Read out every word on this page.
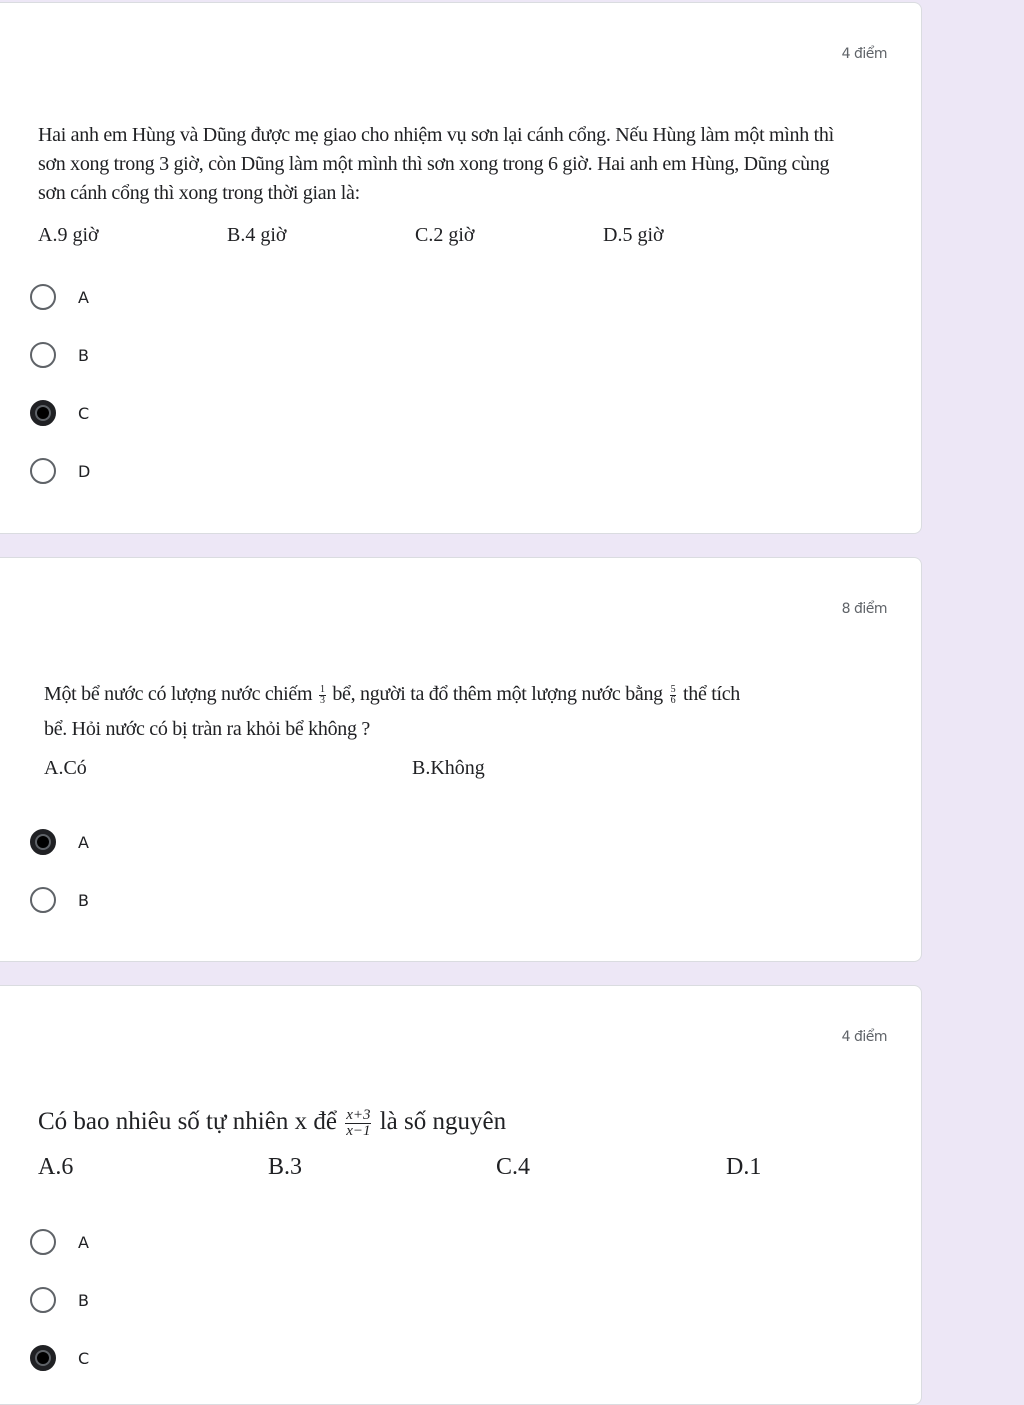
4 điểm

Hai anh em Hùng và Dũng được mẹ giao cho nhiệm vụ sơn lại cánh cổng. Nếu Hùng làm một mình thì sơn xong trong 3 giờ, còn Dũng làm một mình thì sơn xong trong 6 giờ. Hai anh em Hùng, Dũng cùng sơn cánh cổng thì xong trong thời gian là:

A.9 giờ	B.4 giờ	C.2 giờ	D.5 giờ
A
B
C
D
8 điểm
Một bể nước có lượng nước chiếm $\frac{1}{3}$ bể, người ta đổ thêm một lượng nước bằng $\frac{5}{6}$ thể tích
bể. Hỏi nước có bị tràn ra khỏi bể không ?
A.Có	B.Không
A
B
4 điểm
Có bao nhiêu số tự nhiên x để $\frac{x+3}{x-1}$ là số nguyên
A.6	B.3	C.4	D.1
A
B
C
